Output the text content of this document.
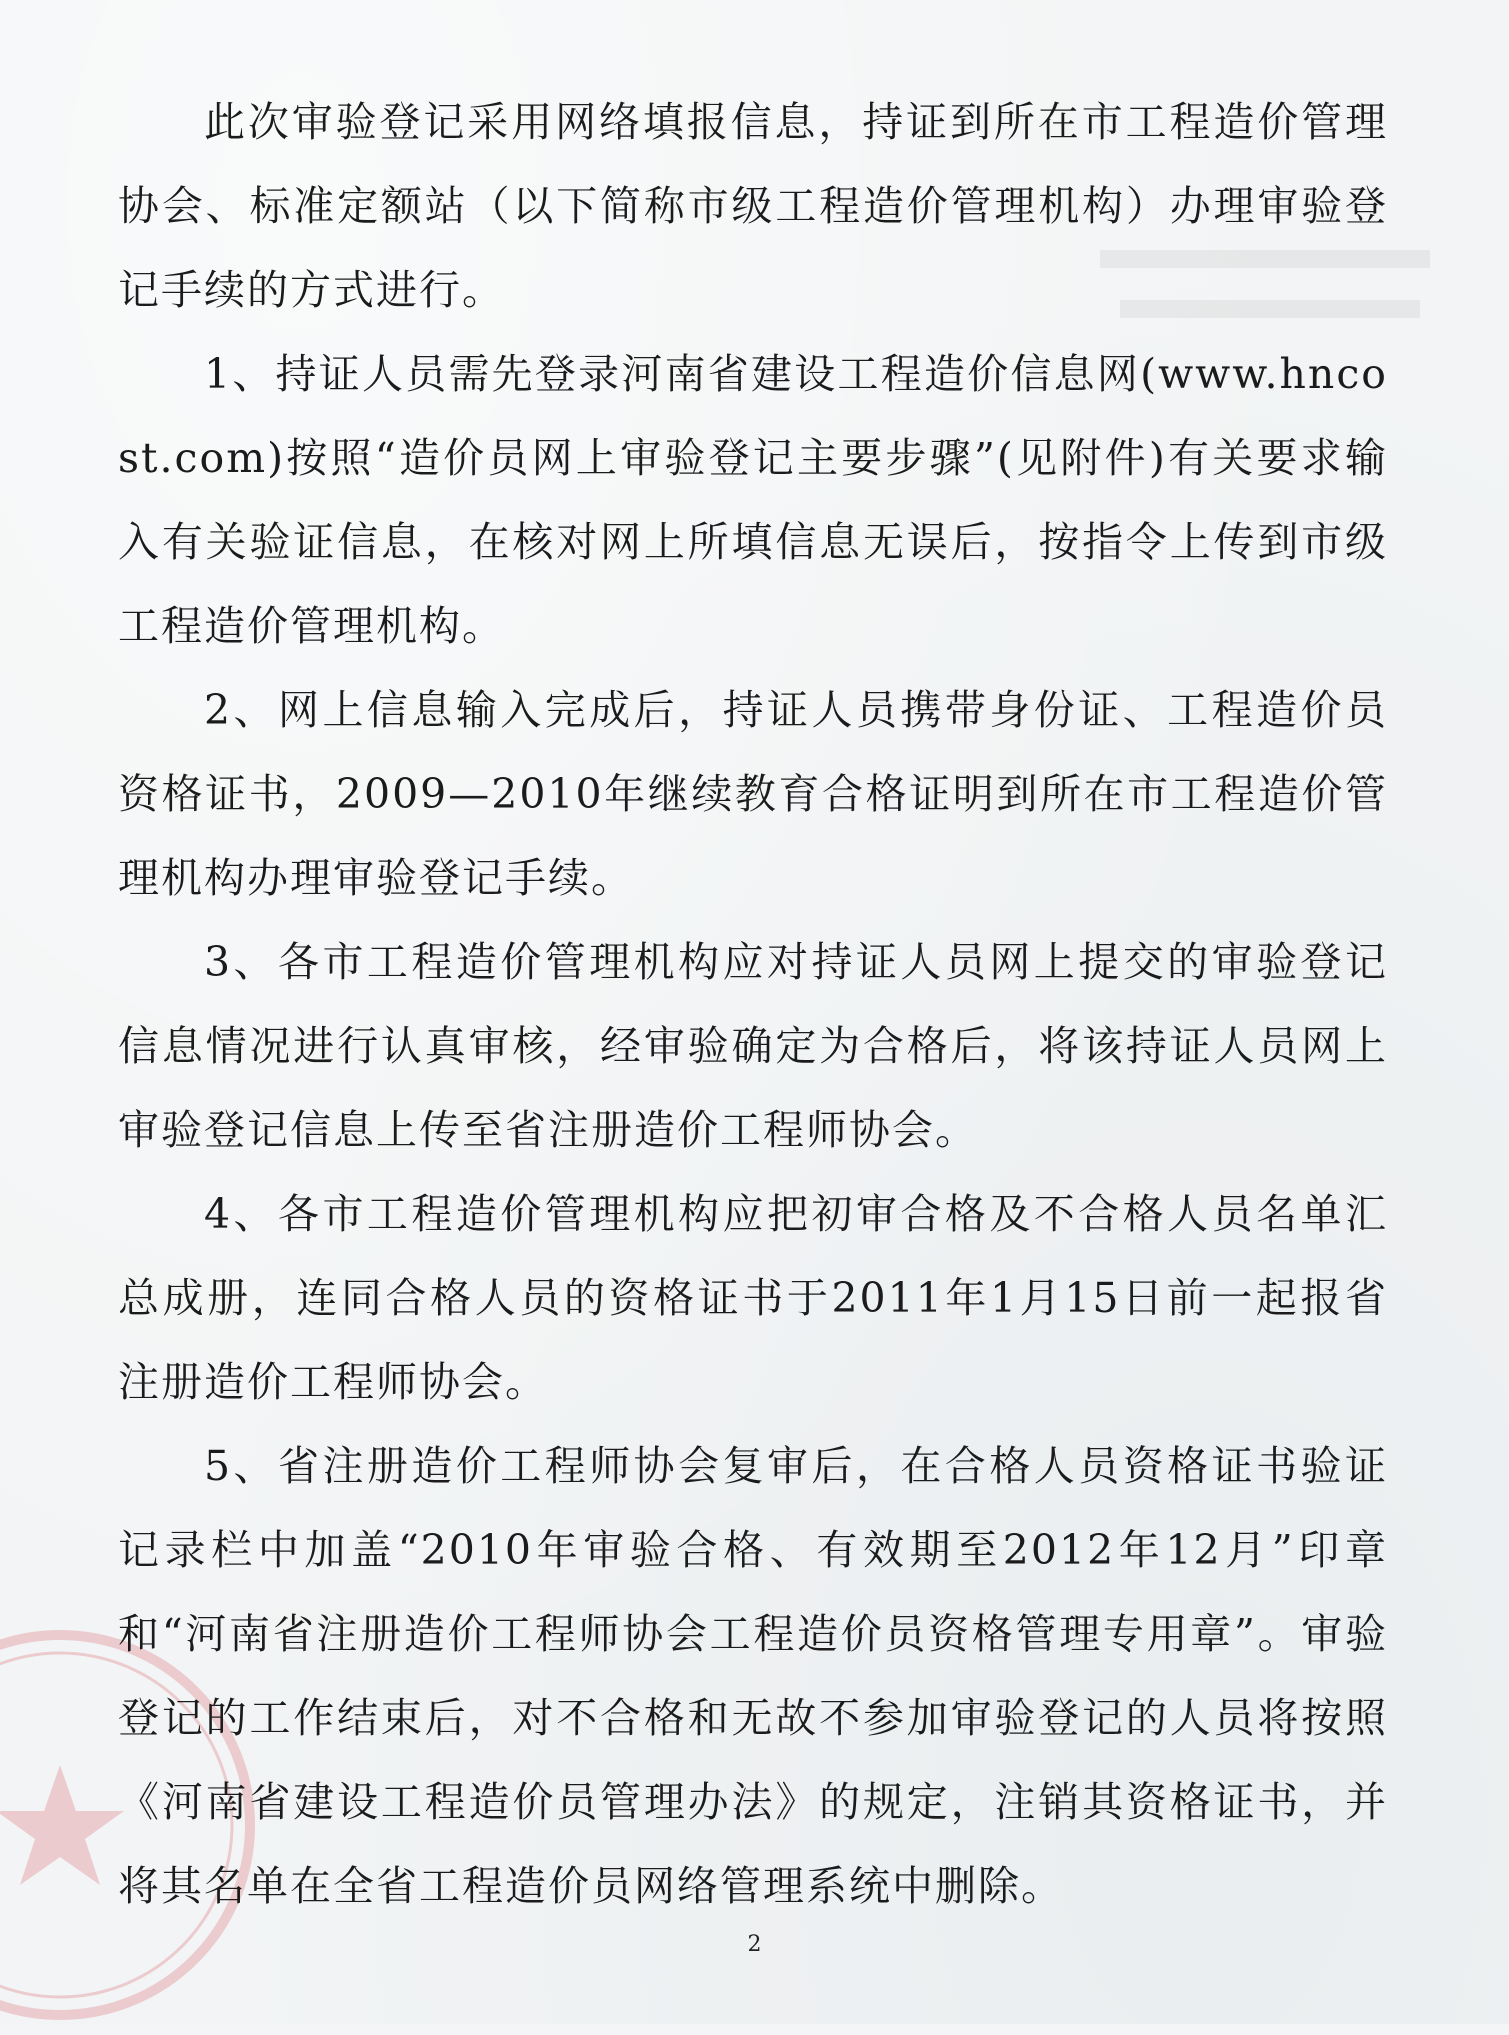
此次审验登记采用网络填报信息，持证到所在市工程造价管理协会、标准定额站（以下简称市级工程造价管理机构）办理审验登记手续的方式进行。

1、持证人员需先登录河南省建设工程造价信息网(www.hncost.com)按照“造价员网上审验登记主要步骤”(见附件)有关要求输入有关验证信息，在核对网上所填信息无误后，按指令上传到市级工程造价管理机构。

2、网上信息输入完成后，持证人员携带身份证、工程造价员资格证书，2009—2010年继续教育合格证明到所在市工程造价管理机构办理审验登记手续。

3、各市工程造价管理机构应对持证人员网上提交的审验登记信息情况进行认真审核，经审验确定为合格后，将该持证人员网上审验登记信息上传至省注册造价工程师协会。

4、各市工程造价管理机构应把初审合格及不合格人员名单汇总成册，连同合格人员的资格证书于2011年1月15日前一起报省注册造价工程师协会。

5、省注册造价工程师协会复审后，在合格人员资格证书验证记录栏中加盖“2010年审验合格、有效期至2012年12月”印章和“河南省注册造价工程师协会工程造价员资格管理专用章”。审验登记的工作结束后，对不合格和无故不参加审验登记的人员将按照《河南省建设工程造价员管理办法》的规定，注销其资格证书，并将其名单在全省工程造价员网络管理系统中删除。

2
